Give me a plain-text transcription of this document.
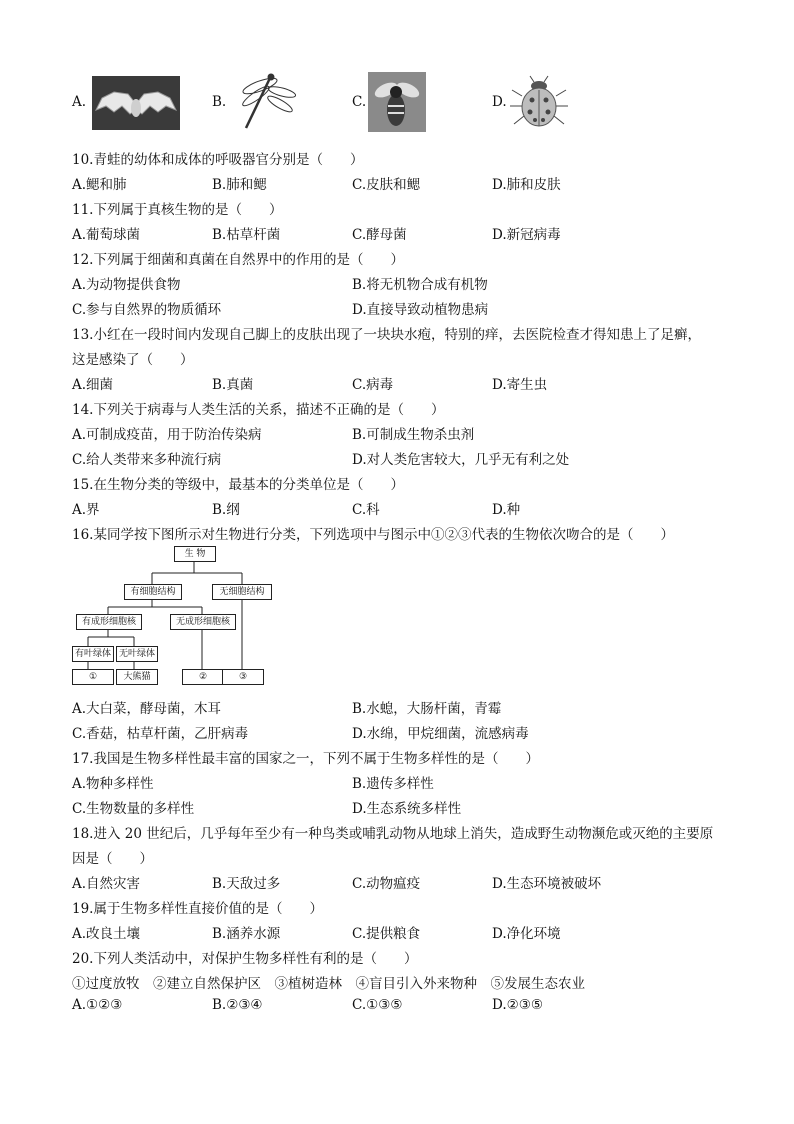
A.	B.	C.	D.
10.青蛙的幼体和成体的呼吸器官分别是（　　）
A.鳃和肺	B.肺和鳃	C.皮肤和鳃	D.肺和皮肤
11.下列属于真核生物的是（　　）
A.葡萄球菌	B.枯草杆菌	C.酵母菌	D.新冠病毒
12.下列属于细菌和真菌在自然界中的作用的是（　　）
A.为动物提供食物	B.将无机物合成有机物
C.参与自然界的物质循环	D.直接导致动植物患病
13.小红在一段时间内发现自己脚上的皮肤出现了一块块水疱，特别的痒，去医院检查才得知患上了足癣，
这是感染了（　　）
A.细菌	B.真菌	C.病毒	D.寄生虫
14.下列关于病毒与人类生活的关系，描述不正确的是（　　）
A.可制成疫苗，用于防治传染病	B.可制成生物杀虫剂
C.给人类带来多种流行病	D.对人类危害较大，几乎无有利之处
15.在生物分类的等级中，最基本的分类单位是（　　）
A.界	B.纲	C.科	D.种
16.某同学按下图所示对生物进行分类，下列选项中与图示中①②③代表的生物依次吻合的是（　　）
生 物
有细胞结构	无细胞结构
有成形细胞核	无成形细胞核
有叶绿体 无叶绿体
①	大熊猫	②	③
A.大白菜，酵母菌，木耳	B.水螅，大肠杆菌，青霉
C.香菇，枯草杆菌，乙肝病毒	D.水绵，甲烷细菌，流感病毒
17.我国是生物多样性最丰富的国家之一，下列不属于生物多样性的是（　　）
A.物种多样性	B.遗传多样性
C.生物数量的多样性	D.生态系统多样性
18.进入 20 世纪后，几乎每年至少有一种鸟类或哺乳动物从地球上消失，造成野生动物濒危或灭绝的主要原
因是（　　）
A.自然灾害	B.天敌过多	C.动物瘟疫	D.生态环境被破坏
19.属于生物多样性直接价值的是（　　）
A.改良土壤	B.涵养水源	C.提供粮食	D.净化环境
20.下列人类活动中，对保护生物多样性有利的是（　　）
①过度放牧　②建立自然保护区　③植树造林　④盲目引入外来物种　⑤发展生态农业
A.①②③	B.②③④	C.①③⑤	D.②③⑤
